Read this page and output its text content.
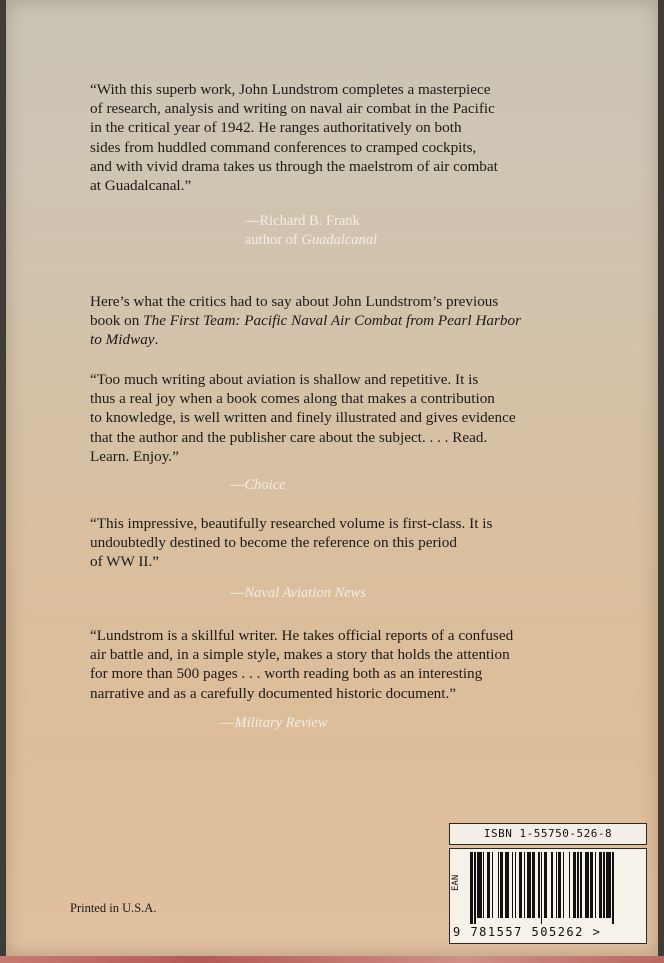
“With this superb work, John Lundstrom completes a masterpiece

of research, analysis and writing on naval air combat in the Pacific

in the critical year of 1942. He ranges authoritatively on both

sides from huddled command conferences to cramped cockpits,

and with vivid drama takes us through the maelstrom of air combat

at Guadalcanal.”

—Richard B. Frank
author of Guadalcanal

Here’s what the critics had to say about John Lundstrom’s previous

book on The First Team: Pacific Naval Air Combat from Pearl Harbor

to Midway.

“Too much writing about aviation is shallow and repetitive. It is

thus a real joy when a book comes along that makes a contribution

to knowledge, is well written and finely illustrated and gives evidence

that the author and the publisher care about the subject. . . . Read.

Learn. Enjoy.”

—Choice

“This impressive, beautifully researched volume is first-class. It is

undoubtedly destined to become the reference on this period

of WW II.”

—Naval Aviation News

“Lundstrom is a skillful writer. He takes official reports of a confused

air battle and, in a simple style, makes a story that holds the attention

for more than 500 pages . . . worth reading both as an interesting

narrative and as a carefully documented historic document.”

—Military Review
Printed in U.S.A.
ISBN 1-55750-526-8
EAN
9 781557 505262 >
